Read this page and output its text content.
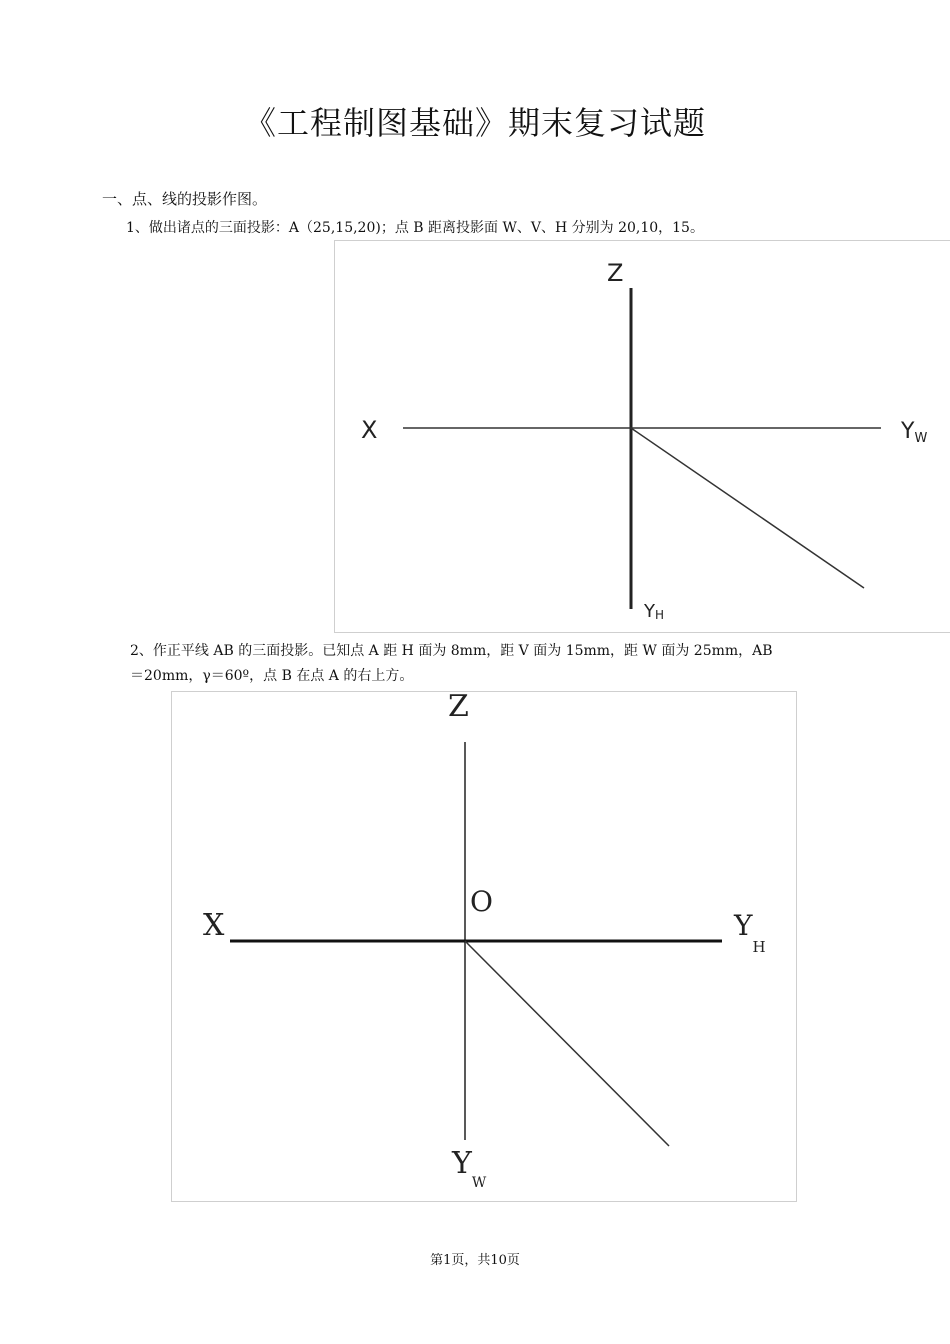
《工程制图基础》期末复习试题
一、点、线的投影作图。
1、做出诸点的三面投影：A（25,15,20)；点 B 距离投影面 W、V、H 分别为 20,10，15。
Z
X	$Y_W$
YH
2、作正平线 AB 的三面投影。已知点 A 距 H 面为 8mm，距 V 面为 15mm，距 W 面为 25mm，AB
＝20mm，γ＝60º，点 B 在点 A 的右上方。
Z
O
X	YH
YW
第1页，共10页
